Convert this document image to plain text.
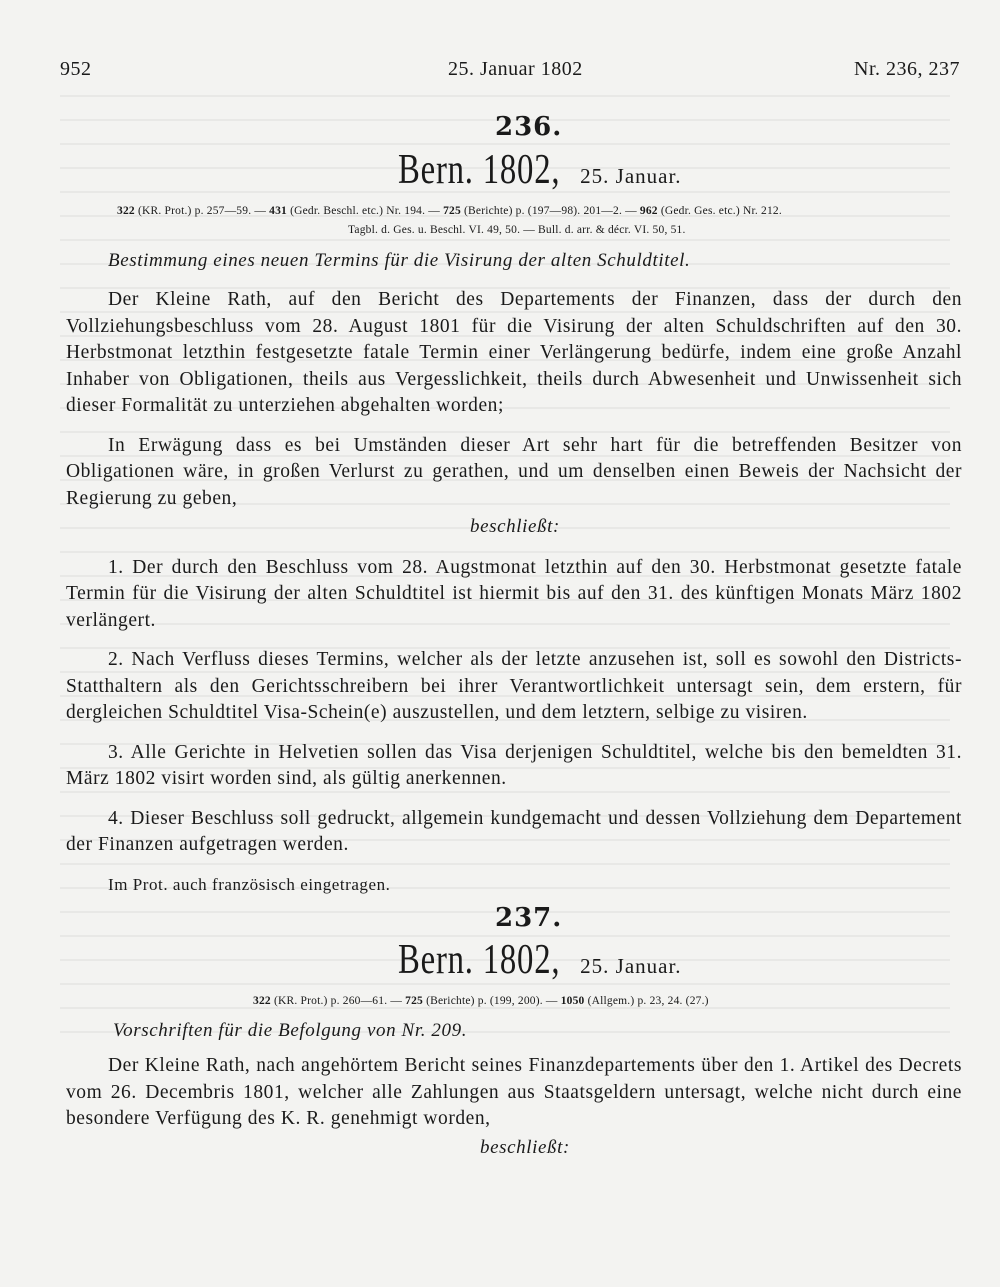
952	25. Januar 1802	Nr. 236, 237
236.
Bern. 1802, 25. Januar.
322 (KR. Prot.) p. 257—59. — 431 (Gedr. Beschl. etc.) Nr. 194. — 725 (Berichte) p. (197—98). 201—2. — 962 (Gedr. Ges. etc.) Nr. 212.
Tagbl. d. Ges. u. Beschl. VI. 49, 50. — Bull. d. arr. & décr. VI. 50, 51.
Bestimmung eines neuen Termins für die Visirung der alten Schuldtitel.

Der Kleine Rath, auf den Bericht des Departements der Finanzen, dass der durch den Vollziehungsbeschluss vom 28. August 1801 für die Visirung der alten Schuldschriften auf den 30. Herbstmonat letzthin festgesetzte fatale Termin einer Verlängerung bedürfe, indem eine große Anzahl Inhaber von Obligationen, theils aus Vergesslichkeit, theils durch Abwesenheit und Unwissenheit sich dieser Formalität zu unterziehen abgehalten worden;

In Erwägung dass es bei Umständen dieser Art sehr hart für die betreffenden Besitzer von Obligationen wäre, in großen Verlurst zu gerathen, und um denselben einen Beweis der Nachsicht der Regierung zu geben,

beschließt:

1. Der durch den Beschluss vom 28. Augstmonat letzthin auf den 30. Herbstmonat gesetzte fatale Termin für die Visirung der alten Schuldtitel ist hiermit bis auf den 31. des künftigen Monats März 1802 verlängert.

2. Nach Verfluss dieses Termins, welcher als der letzte anzusehen ist, soll es sowohl den Districts-Statthaltern als den Gerichtsschreibern bei ihrer Verantwortlichkeit untersagt sein, dem erstern, für dergleichen Schuldtitel Visa-Schein(e) auszustellen, und dem letztern, selbige zu visiren.

3. Alle Gerichte in Helvetien sollen das Visa derjenigen Schuldtitel, welche bis den bemeldten 31. März 1802 visirt worden sind, als gültig anerkennen.

4. Dieser Beschluss soll gedruckt, allgemein kundgemacht und dessen Vollziehung dem Departement der Finanzen aufgetragen werden.

Im Prot. auch französisch eingetragen.

237.
Bern. 1802, 25. Januar.
322 (KR. Prot.) p. 260—61. — 725 (Berichte) p. (199, 200). — 1050 (Allgem.) p. 23, 24. (27.)
Vorschriften für die Befolgung von Nr. 209.

Der Kleine Rath, nach angehörtem Bericht seines Finanzdepartements über den 1. Artikel des Decrets vom 26. Decembris 1801, welcher alle Zahlungen aus Staatsgeldern untersagt, welche nicht durch eine besondere Verfügung des K. R. genehmigt worden,

beschließt:
